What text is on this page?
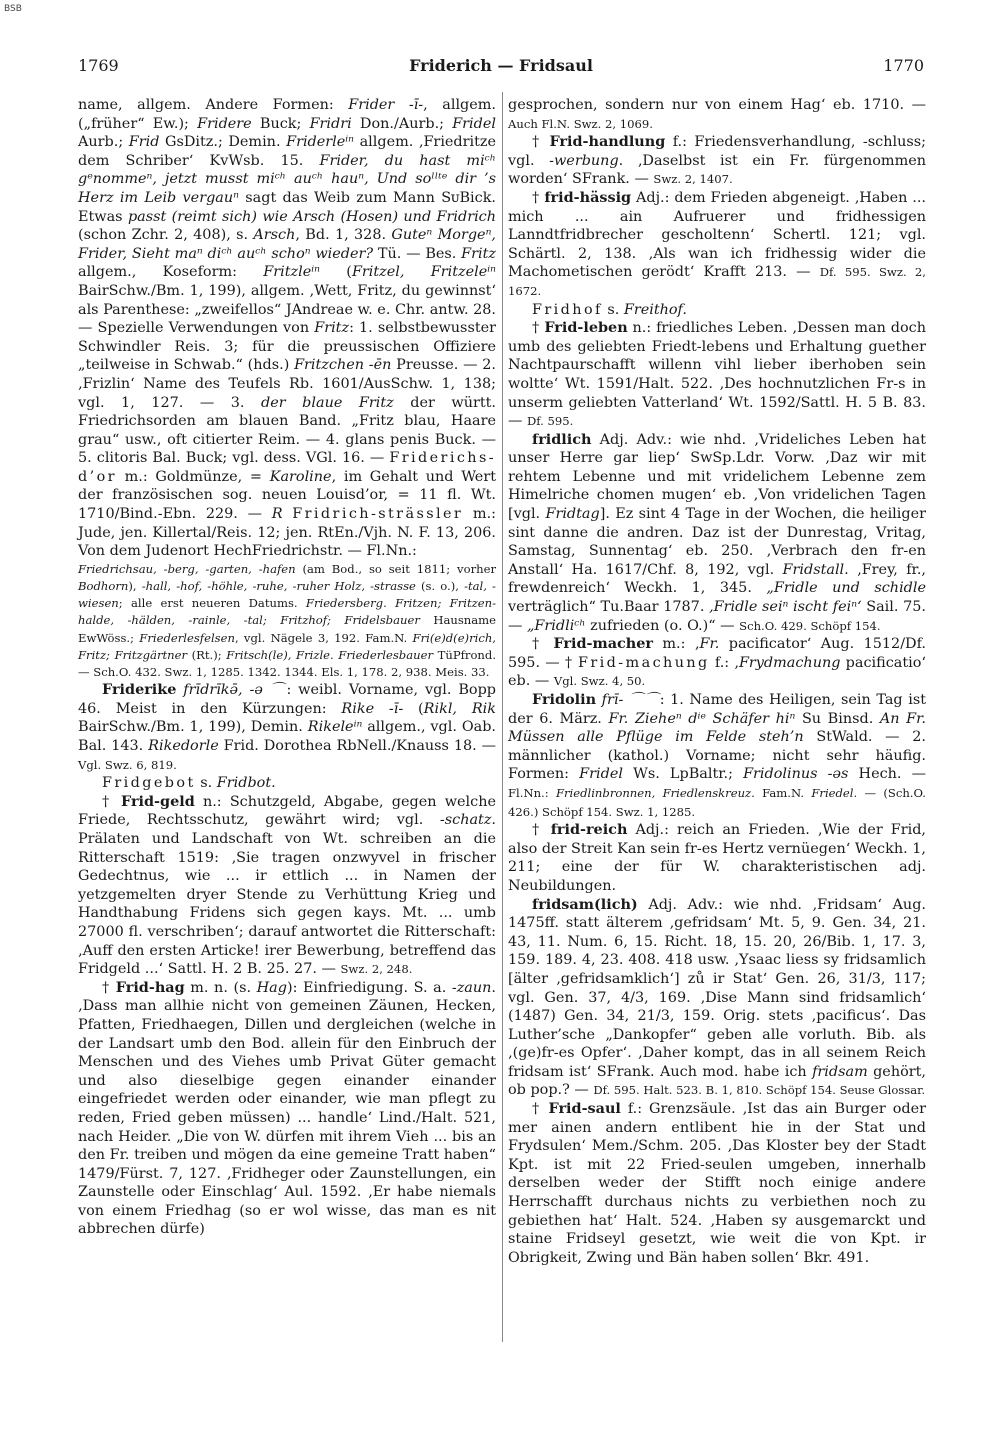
BSB
1769	Friderich — Fridsaul	1770

name, allgem. Andere Formen: Frider -ī-, allgem. („früher“ Ew.); Fridere Buck; Fridri Don./Aurb.; Fridel Aurb.; Frid GsDitz.; Demin. Friderleⁱⁿ allgem. ‚Friedritze dem Schriber‘ KvWsb. 15. Frider, du hast miᶜʰ gᵉnommeⁿ, jetzt musst miᶜʰ auᶜʰ hauⁿ, Und soˡˡᵗᵉ dir ’s Herz im Leib vergauⁿ sagt das Weib zum Mann SᴜBick. Etwas passt (reimt sich) wie Arsch (Hosen) und Fridrich (schon Zchr. 2, 408), s. Arsch, Bd. 1, 328. Guteⁿ Morgeⁿ, Frider, Sieht maⁿ diᶜʰ auᶜʰ schoⁿ wieder? Tü. — Bes. Fritz allgem., Koseform: Fritzleⁱⁿ (Fritzel, Fritzeleⁱⁿ BairSchw./Bm. 1, 199), allgem. ‚Wett, Fritz, du gewinnst‘ als Parenthese: „zweifellos“ JAndreae w. e. Chr. antw. 28. — Spezielle Verwendungen von Fritz: 1. selbstbewusster Schwindler Reis. 3; für die preussischen Offiziere „teilweise in Schwab.“ (hds.) Fritzchen -ēn Preusse. — 2. ‚Frizlin‘ Name des Teufels Rb. 1601/AusSchw. 1, 138; vgl. 1, 127. — 3. der blaue Fritz der württ. Friedrichsorden am blauen Band. „Fritz blau, Haare grau“ usw., oft citierter Reim. — 4. glans penis Buck. — 5. clitoris Bal. Buck; vgl. dess. VGl. 16. — Friderichs-d’or m.: Goldmünze, = Karoline, im Gehalt und Wert der französischen sog. neuen Louisd’or, = 11 fl. Wt. 1710/Bind.-Ebn. 229. — R Fridrich-strässler m.: Jude, jen. Killertal/Reis. 12; jen. RtEn./Vjh. N. F. 13, 206. Von dem Judenort HechFriedrichstr. — Fl.Nn.:

Friedrichsau, -berg, -garten, -hafen (am Bod., so seit 1811; vorher Bodhorn), -hall, -hof, -höhle, -ruhe, -ruher Holz, -strasse (s. o.), -tal, -wiesen; alle erst neueren Datums. Friedersberg. Fritzen; Fritzen-halde, -hälden, -rainle, -tal; Fritzhof; Fridelsbauer Hausname EwWöss.; Friederlesfelsen, vgl. Nägele 3, 192. Fam.N. Fri(e)d(e)rich, Fritz; Fritzgärtner (Rt.); Fritsch(le), Frizle. Friederlesbauer TüPfrond. — Sch.O. 432. Swz. 1, 1285. 1342. 1344. Els. 1, 178. 2, 938. Meis. 33.

Friderike frīdrīkə̄, -ə ⌒: weibl. Vorname, vgl. Bopp 46. Meist in den Kürzungen: Rike -ī- (Rikl, Rik BairSchw./Bm. 1, 199), Demin. Rikeleⁱⁿ allgem., vgl. Oab. Bal. 143. Rikedorle Frid. Dorothea RbNell./Knauss 18. — Vgl. Swz. 6, 819.

Fridgebot s. Fridbot.

† Frid-geld n.: Schutzgeld, Abgabe, gegen welche Friede, Rechtsschutz, gewährt wird; vgl. -schatz. Prälaten und Landschaft von Wt. schreiben an die Ritterschaft 1519: ‚Sie tragen onzwyvel in frischer Gedechtnus, wie ... ir ettlich ... in Namen der yetzgemelten dryer Stende zu Verhüttung Krieg und Handthabung Fridens sich gegen kays. Mt. ... umb 27000 fl. verschriben‘; darauf antwortet die Ritterschaft: ‚Auff den ersten Articke! irer Bewerbung, betreffend das Fridgeld ...‘ Sattl. H. 2 B. 25. 27. — Swz. 2, 248.

† Frid-hag m. n. (s. Hag): Einfriedigung. S. a. -zaun. ‚Dass man allhie nicht von gemeinen Zäunen, Hecken, Pfatten, Friedhaegen, Dillen und dergleichen (welche in der Landsart umb den Bod. allein für den Einbruch der Menschen und des Viehes umb Privat Güter gemacht und also dieselbige gegen einander einander eingefriedet werden oder einander, wie man pflegt zu reden, Fried geben müssen) ... handle‘ Lind./Halt. 521, nach Heider. „Die von W. dürfen mit ihrem Vieh ... bis an den Fr. treiben und mögen da eine gemeine Tratt haben“ 1479/Fürst. 7, 127. ‚Fridheger oder Zaunstellungen, ein Zaunstelle oder Einschlag‘ Aul. 1592. ‚Er habe niemals von einem Friedhag (so er wol wisse, das man es nit abbrechen dürfe)

gesprochen, sondern nur von einem Hag‘ eb. 1710. — Auch Fl.N. Swz. 2, 1069.

† Frid-handlung f.: Friedensverhandlung, -schluss; vgl. -werbung. ‚Daselbst ist ein Fr. fürgenommen worden‘ SFrank. — Swz. 2, 1407.

† frid-hässig Adj.: dem Frieden abgeneigt. ‚Haben ... mich ... ain Aufruerer und fridhessigen Lanndtfridbrecher gescholtenn‘ Schertl. 121; vgl. Schärtl. 2, 138. ‚Als wan ich fridhessig wider die Machometischen gerödt‘ Krafft 213. — Df. 595. Swz. 2, 1672.

Fridhof s. Freithof.

† Frid-leben n.: friedliches Leben. ‚Dessen man doch umb des geliebten Friedt-lebens und Erhaltung guether Nachtpaurschafft willenn vihl lieber iberhoben sein woltte‘ Wt. 1591/Halt. 522. ‚Des hochnutzlichen Fr-s in unserm geliebten Vatterland‘ Wt. 1592/Sattl. H. 5 B. 83. — Df. 595.

fridlich Adj. Adv.: wie nhd. ‚Vrideliches Leben hat unser Herre gar liep‘ SwSp.Ldr. Vorw. ‚Daz wir mit rehtem Lebenne und mit vridelichem Lebenne zem Himelriche chomen mugen‘ eb. ‚Von vridelichen Tagen [vgl. Fridtag]. Ez sint 4 Tage in der Wochen, die heiliger sint danne die andren. Daz ist der Dunrestag, Vritag, Samstag, Sunnentag‘ eb. 250. ‚Verbrach den fr-en Anstall‘ Ha. 1617/Chf. 8, 192, vgl. Fridstall. ‚Frey, fr., frewdenreich‘ Weckh. 1, 345. „Fridle und schidle verträglich“ Tu.Baar 1787. ‚Fridle seiⁿ ischt feiⁿ‘ Sail. 75. — „Fridliᶜʰ zufrieden (o. O.)“ — Sch.O. 429. Schöpf 154.

† Frid-macher m.: ‚Fr. pacificator‘ Aug. 1512/Df. 595. — † Frid-machung f.: ‚Frydmachung pacificatio‘ eb. — Vgl. Swz. 4, 50.

Fridolin frī- ⌒⌒: 1. Name des Heiligen, sein Tag ist der 6. März. Fr. Zieheⁿ dⁱᵉ Schäfer hiⁿ Su Binsd. An Fr. Müssen alle Pflüge im Felde steh’n StWald. — 2. männlicher (kathol.) Vorname; nicht sehr häufig. Formen: Fridel Ws. LpBaltr.; Fridolinus -əs Hech. — Fl.Nn.: Friedlinbronnen, Friedlenskreuz. Fam.N. Friedel. — (Sch.O. 426.) Schöpf 154. Swz. 1, 1285.

† frid-reich Adj.: reich an Frieden. ‚Wie der Frid, also der Streit Kan sein fr-es Hertz vernüegen‘ Weckh. 1, 211; eine der für W. charakteristischen adj. Neubildungen.

fridsam(lich) Adj. Adv.: wie nhd. ‚Fridsam‘ Aug. 1475ff. statt älterem ‚gefridsam‘ Mt. 5, 9. Gen. 34, 21. 43, 11. Num. 6, 15. Richt. 18, 15. 20, 26/Bib. 1, 17. 3, 159. 189. 4, 23. 408. 418 usw. ‚Ysaac liess sy fridsamlich [älter ‚gefridsamklich‘] zů ir Stat‘ Gen. 26, 31/3, 117; vgl. Gen. 37, 4/3, 169. ‚Dise Mann sind fridsamlich‘ (1487) Gen. 34, 21/3, 159. Orig. stets ‚pacificus‘. Das Luther’sche „Dankopfer“ geben alle vorluth. Bib. als ‚(ge)fr-es Opfer‘. ‚Daher kompt, das in all seinem Reich fridsam ist‘ SFrank. Auch mod. habe ich fridsam gehört, ob pop.? — Df. 595. Halt. 523. B. 1, 810. Schöpf 154. Seuse Glossar.

† Frid-saul f.: Grenzsäule. ‚Ist das ain Burger oder mer ainen andern entlibent hie in der Stat und Frydsulen‘ Mem./Schm. 205. ‚Das Kloster bey der Stadt Kpt. ist mit 22 Fried-seulen umgeben, innerhalb derselben weder der Stifft noch einige andere Herrschafft durchaus nichts zu verbiethen noch zu gebiethen hat‘ Halt. 524. ‚Haben sy ausgemarckt und staine Fridseyl gesetzt, wie weit die von Kpt. ir Obrigkeit, Zwing und Bän haben sollen‘ Bkr. 491.
